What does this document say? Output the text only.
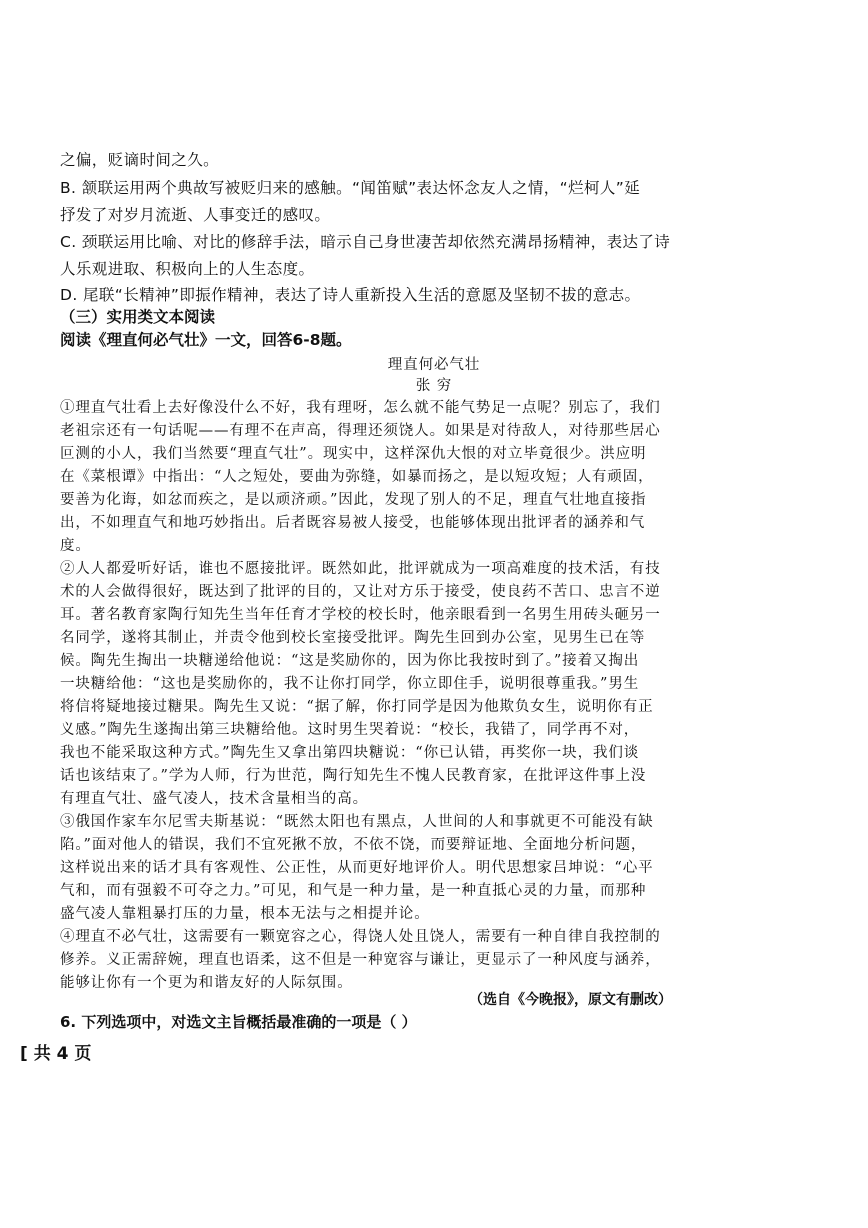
之偏，贬谪时间之久。
B. 颔联运用两个典故写被贬归来的感触。“闻笛赋”表达怀念友人之情，“烂柯人”延
抒发了对岁月流逝、人事变迁的感叹。
C. 颈联运用比喻、对比的修辞手法，暗示自己身世凄苦却依然充满昂扬精神，表达了诗
人乐观进取、积极向上的人生态度。
D. 尾联“长精神”即振作精神，表达了诗人重新投入生活的意愿及坚韧不拔的意志。
（三）实用类文本阅读
阅读《理直何必气壮》一文，回答6-8题。
理直何必气壮
张 穷
①理直气壮看上去好像没什么不好，我有理呀，怎么就不能气势足一点呢？别忘了，我们
老祖宗还有一句话呢——有理不在声高，得理还须饶人。如果是对待敌人，对待那些居心
叵测的小人，我们当然要“理直气壮”。现实中，这样深仇大恨的对立毕竟很少。洪应明
在《菜根谭》中指出：“人之短处，要曲为弥缝，如暴而扬之，是以短攻短；人有顽固，
要善为化诲，如忿而疾之，是以顽济顽。”因此，发现了别人的不足，理直气壮地直接指
出，不如理直气和地巧妙指出。后者既容易被人接受，也能够体现出批评者的涵养和气
度。
②人人都爱听好话，谁也不愿接批评。既然如此，批评就成为一项高难度的技术活，有技
术的人会做得很好，既达到了批评的目的，又让对方乐于接受，使良药不苦口、忠言不逆
耳。著名教育家陶行知先生当年任育才学校的校长时，他亲眼看到一名男生用砖头砸另一
名同学，遂将其制止，并责令他到校长室接受批评。陶先生回到办公室，见男生已在等
候。陶先生掏出一块糖递给他说：“这是奖励你的，因为你比我按时到了。”接着又掏出
一块糖给他：“这也是奖励你的，我不让你打同学，你立即住手，说明很尊重我。”男生
将信将疑地接过糖果。陶先生又说：“据了解，你打同学是因为他欺负女生，说明你有正
义感。”陶先生遂掏出第三块糖给他。这时男生哭着说：“校长，我错了，同学再不对，
我也不能采取这种方式。”陶先生又拿出第四块糖说：“你已认错，再奖你一块，我们谈
话也该结束了。”学为人师，行为世范，陶行知先生不愧人民教育家，在批评这件事上没
有理直气壮、盛气凌人，技术含量相当的高。
③俄国作家车尔尼雪夫斯基说：“既然太阳也有黑点，人世间的人和事就更不可能没有缺
陷。”面对他人的错误，我们不宜死揪不放，不依不饶，而要辩证地、全面地分析问题，
这样说出来的话才具有客观性、公正性，从而更好地评价人。明代思想家吕坤说：“心平
气和，而有强毅不可夺之力。”可见，和气是一种力量，是一种直抵心灵的力量，而那种
盛气凌人靠粗暴打压的力量，根本无法与之相提并论。
④理直不必气壮，这需要有一颗宽容之心，得饶人处且饶人，需要有一种自律自我控制的
修养。义正需辞婉，理直也语柔，这不但是一种宽容与谦让，更显示了一种风度与涵养，
能够让你有一个更为和谐友好的人际氛围。
（选自《今晚报》，原文有删改）
6. 下列选项中，对选文主旨概括最准确的一项是（ ）
[ 共 4 页
